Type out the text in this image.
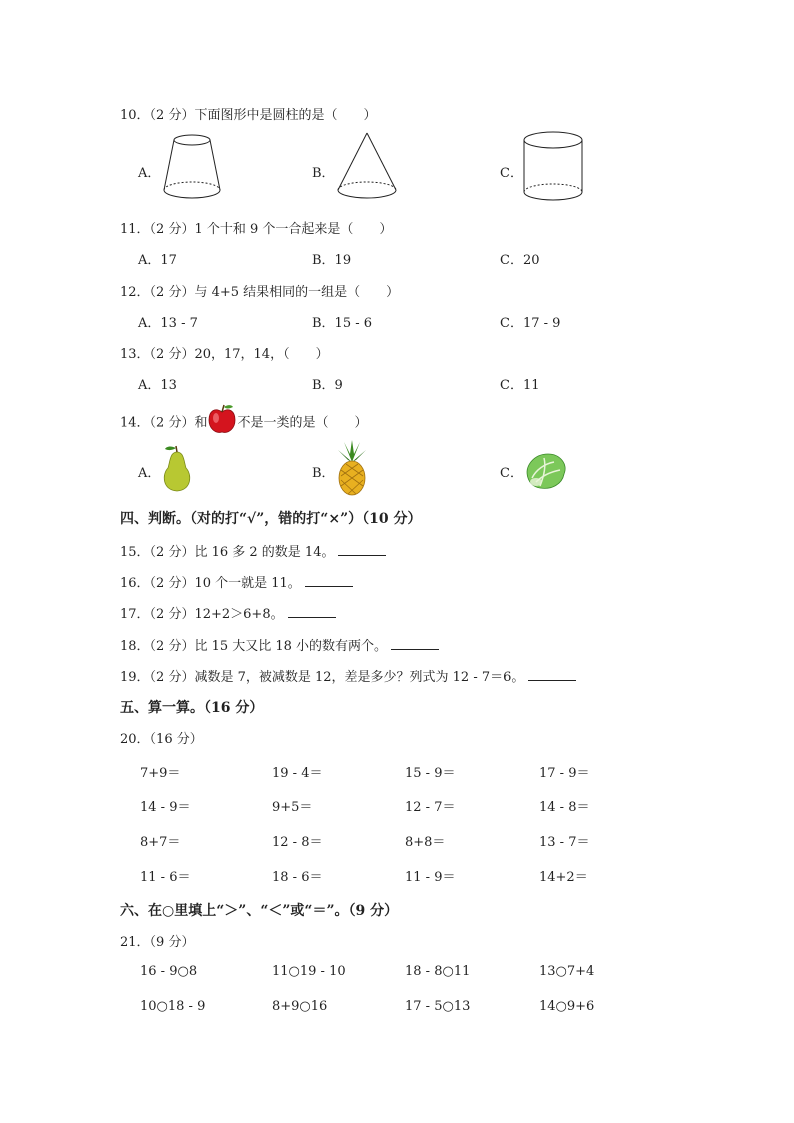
10．（2 分）下面图形中是圆柱的是（　　）
A．	B．	C．
11．（2 分）1 个十和 9 个一合起来是（　　）
A．17	B．19	C．20
12．（2 分）与 4+5 结果相同的一组是（　　）
A．13 - 7	B．15 - 6	C．17 - 9
13．（2 分）20，17，14，（　　）
A．13	B．9	C．11
14．（2 分）和 不是一类的是（　　）
A．	B．	C．
四、判断。（对的打“√”，错的打“×”）（10 分）
15．（2 分）比 16 多 2 的数是 14。
16．（2 分）10 个一就是 11。
17．（2 分）12+2＞6+8。
18．（2 分）比 15 大又比 18 小的数有两个。
19．（2 分）减数是 7，被减数是 12，差是多少？列式为 12 - 7＝6。
五、算一算。（16 分）
20．（16 分）
7+9＝	19 - 4＝	15 - 9＝	17 - 9＝
14 - 9＝	9+5＝	12 - 7＝	14 - 8＝
8+7＝	12 - 8＝	8+8＝	13 - 7＝
11 - 6＝	18 - 6＝	11 - 9＝	14+2＝
六、在○里填上“＞”、“＜”或“＝”。（9 分）
21．（9 分）
16 - 9○8	11○19 - 10	18 - 8○11	13○7+4
10○18 - 9	8+9○16	17 - 5○13	14○9+6
